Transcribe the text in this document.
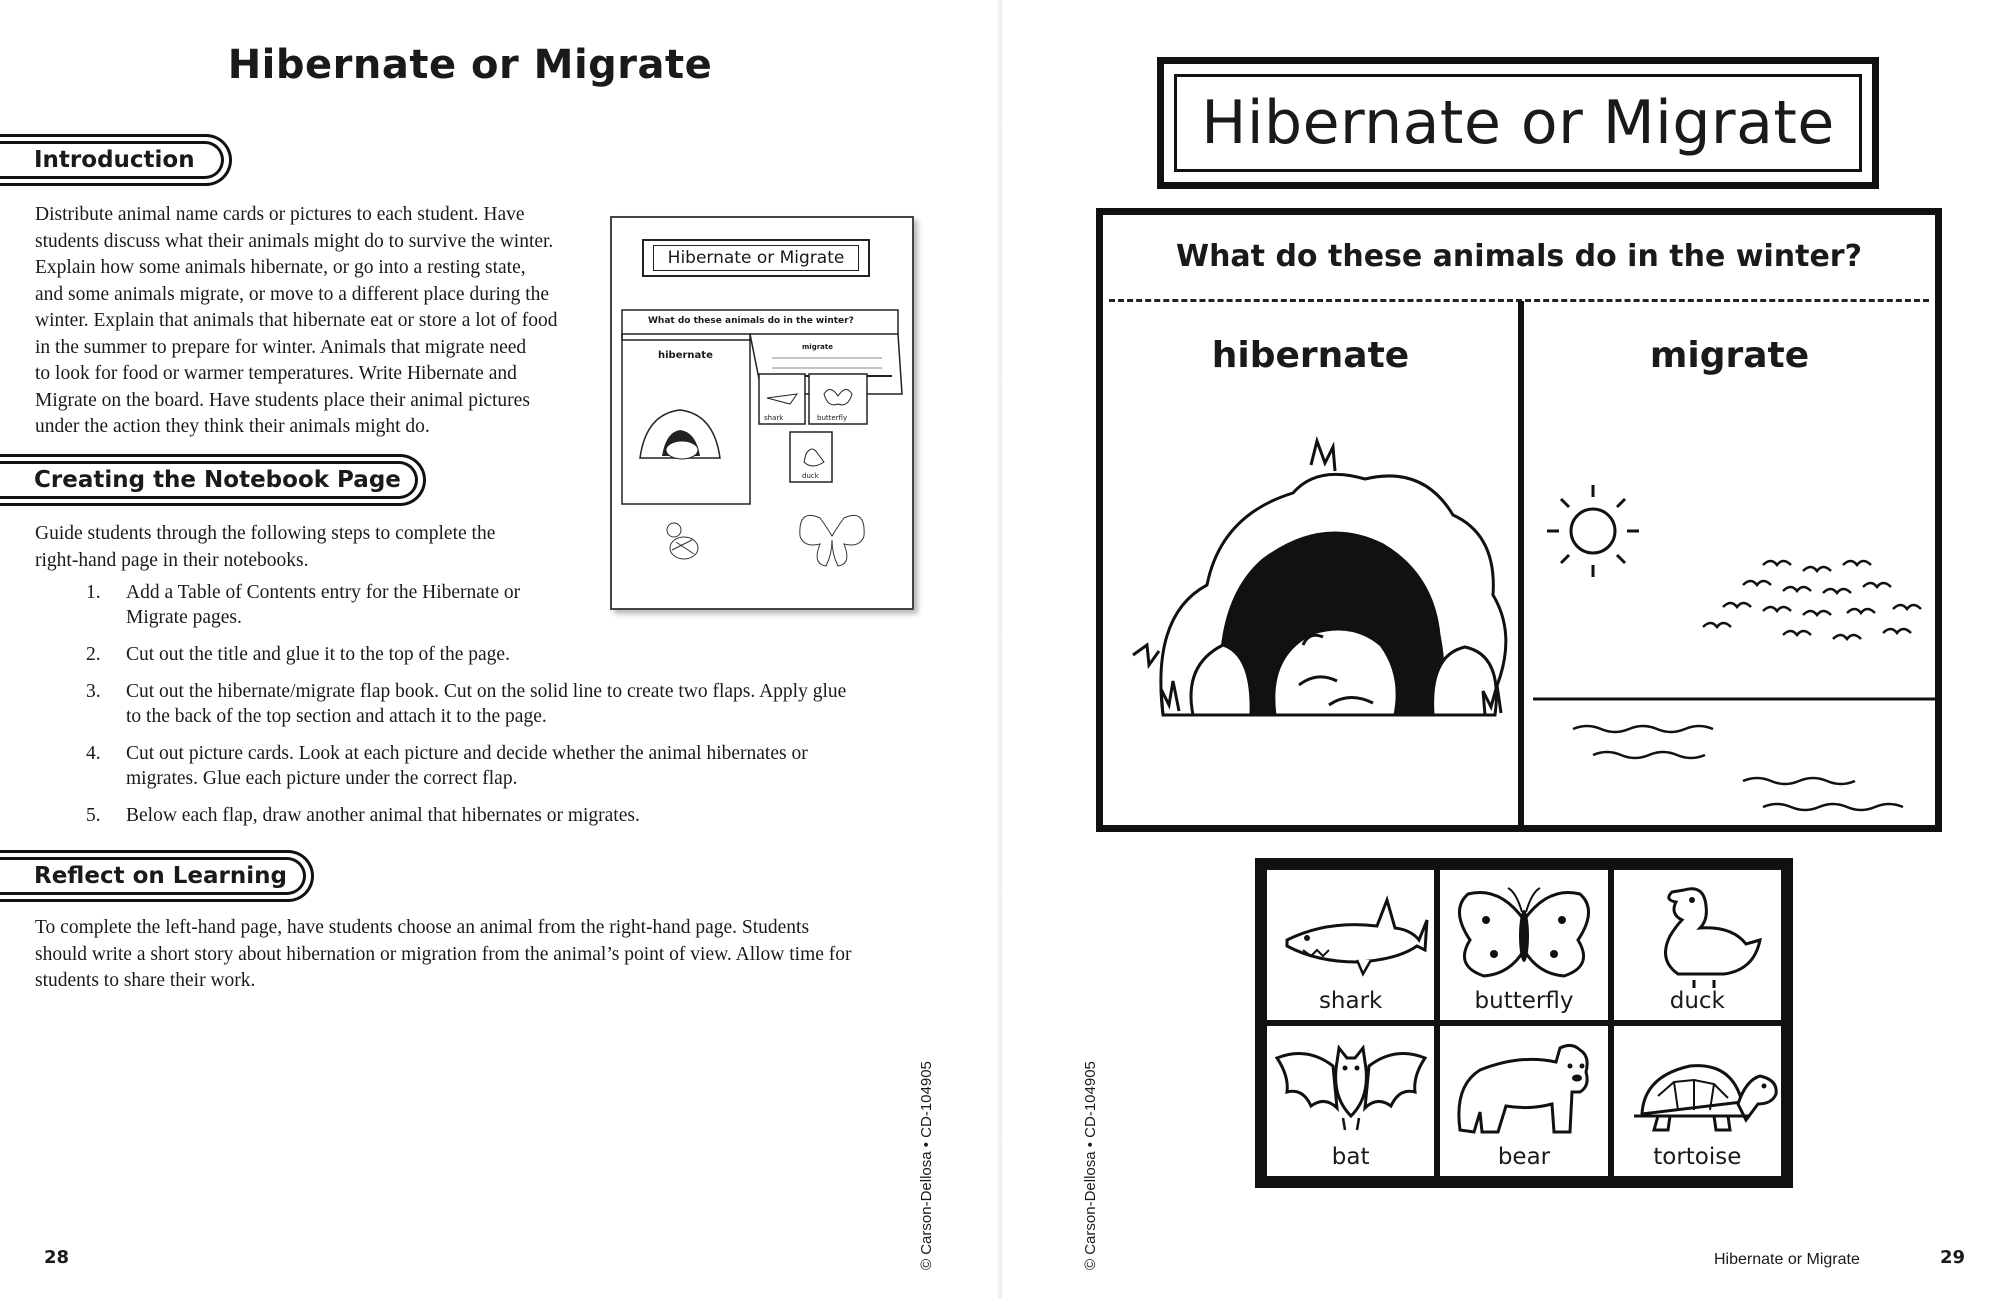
Hibernate or Migrate
Introduction
Distribute animal name cards or pictures to each student. Have
students discuss what their animals might do to survive the winter.
Explain how some animals hibernate, or go into a resting state,
and some animals migrate, or move to a different place during the
winter. Explain that animals that hibernate eat or store a lot of food
in the summer to prepare for winter. Animals that migrate need
to look for food or warmer temperatures. Write Hibernate and
Migrate on the board. Have students place their animal pictures
under the action they think their animals might do.
Creating the Notebook Page
Guide students through the following steps to complete the
right-hand page in their notebooks.
1.	Add a Table of Contents entry for the Hibernate or
Migrate pages.
2.	Cut out the title and glue it to the top of the page.
3.	Cut out the hibernate/migrate flap book. Cut on the solid line to create two flaps. Apply glue
to the back of the top section and attach it to the page.
4.	Cut out picture cards. Look at each picture and decide whether the animal hibernates or
migrates. Glue each picture under the correct flap.
5.	Below each flap, draw another animal that hibernates or migrates.
Reflect on Learning
To complete the left-hand page, have students choose an animal from the right-hand page. Students
should write a short story about hibernation or migration from the animal’s point of view. Allow time for
students to share their work.
Hibernate or Migrate
What do these animals do in the winter?
hibernate
migrate
shark	butterfly
duck
© Carson-Dellosa • CD-104905
28	© Carson-Dellosa • CD-104905
Hibernate or Migrate
What do these animals do in the winter?
hibernate	migrate
shark	butterfly	duck
bat	bear	tortoise
Hibernate or Migrate	29
